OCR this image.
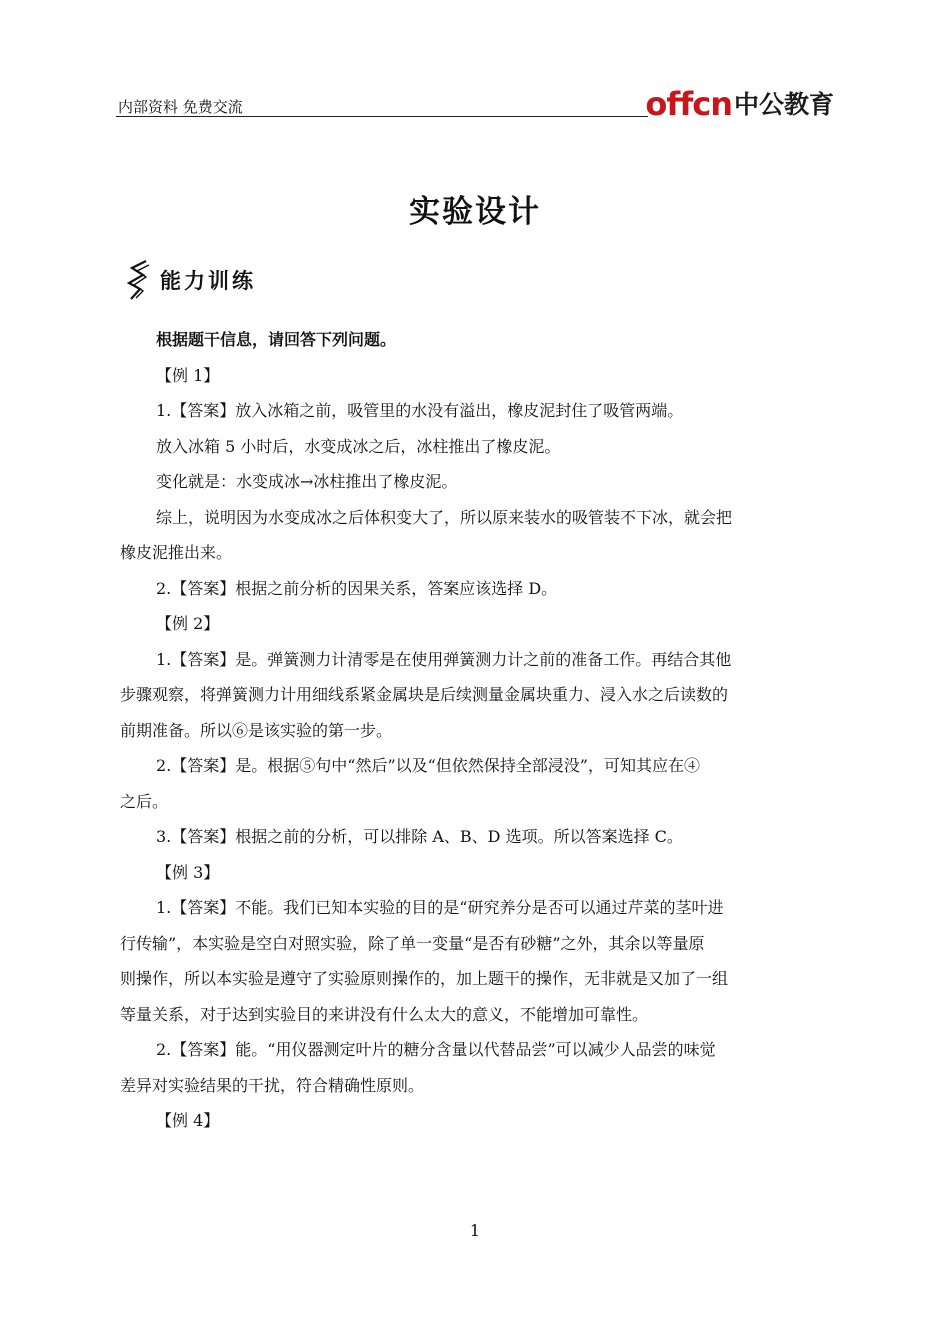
内部资料 免费交流	offcn 中公教育
实验设计
能力训练
根据题干信息，请回答下列问题。
【例 1】
1.【答案】放入冰箱之前，吸管里的水没有溢出，橡皮泥封住了吸管两端。
放入冰箱 5 小时后，水变成冰之后，冰柱推出了橡皮泥。
变化就是：水变成冰→冰柱推出了橡皮泥。
综上，说明因为水变成冰之后体积变大了，所以原来装水的吸管装不下冰，就会把
橡皮泥推出来。
2.【答案】根据之前分析的因果关系，答案应该选择 D。
【例 2】
1.【答案】是。弹簧测力计清零是在使用弹簧测力计之前的准备工作。再结合其他
步骤观察，将弹簧测力计用细线系紧金属块是后续测量金属块重力、浸入水之后读数的
前期准备。所以⑥是该实验的第一步。
2.【答案】是。根据⑤句中“然后”以及“但依然保持全部浸没”，可知其应在④
之后。
3.【答案】根据之前的分析，可以排除 A、B、D 选项。所以答案选择 C。
【例 3】
1.【答案】不能。我们已知本实验的目的是“研究养分是否可以通过芹菜的茎叶进
行传输”，本实验是空白对照实验，除了单一变量“是否有砂糖”之外，其余以等量原
则操作，所以本实验是遵守了实验原则操作的，加上题干的操作，无非就是又加了一组
等量关系，对于达到实验目的来讲没有什么太大的意义，不能增加可靠性。
2.【答案】能。“用仪器测定叶片的糖分含量以代替品尝”可以减少人品尝的味觉
差异对实验结果的干扰，符合精确性原则。
【例 4】
1
